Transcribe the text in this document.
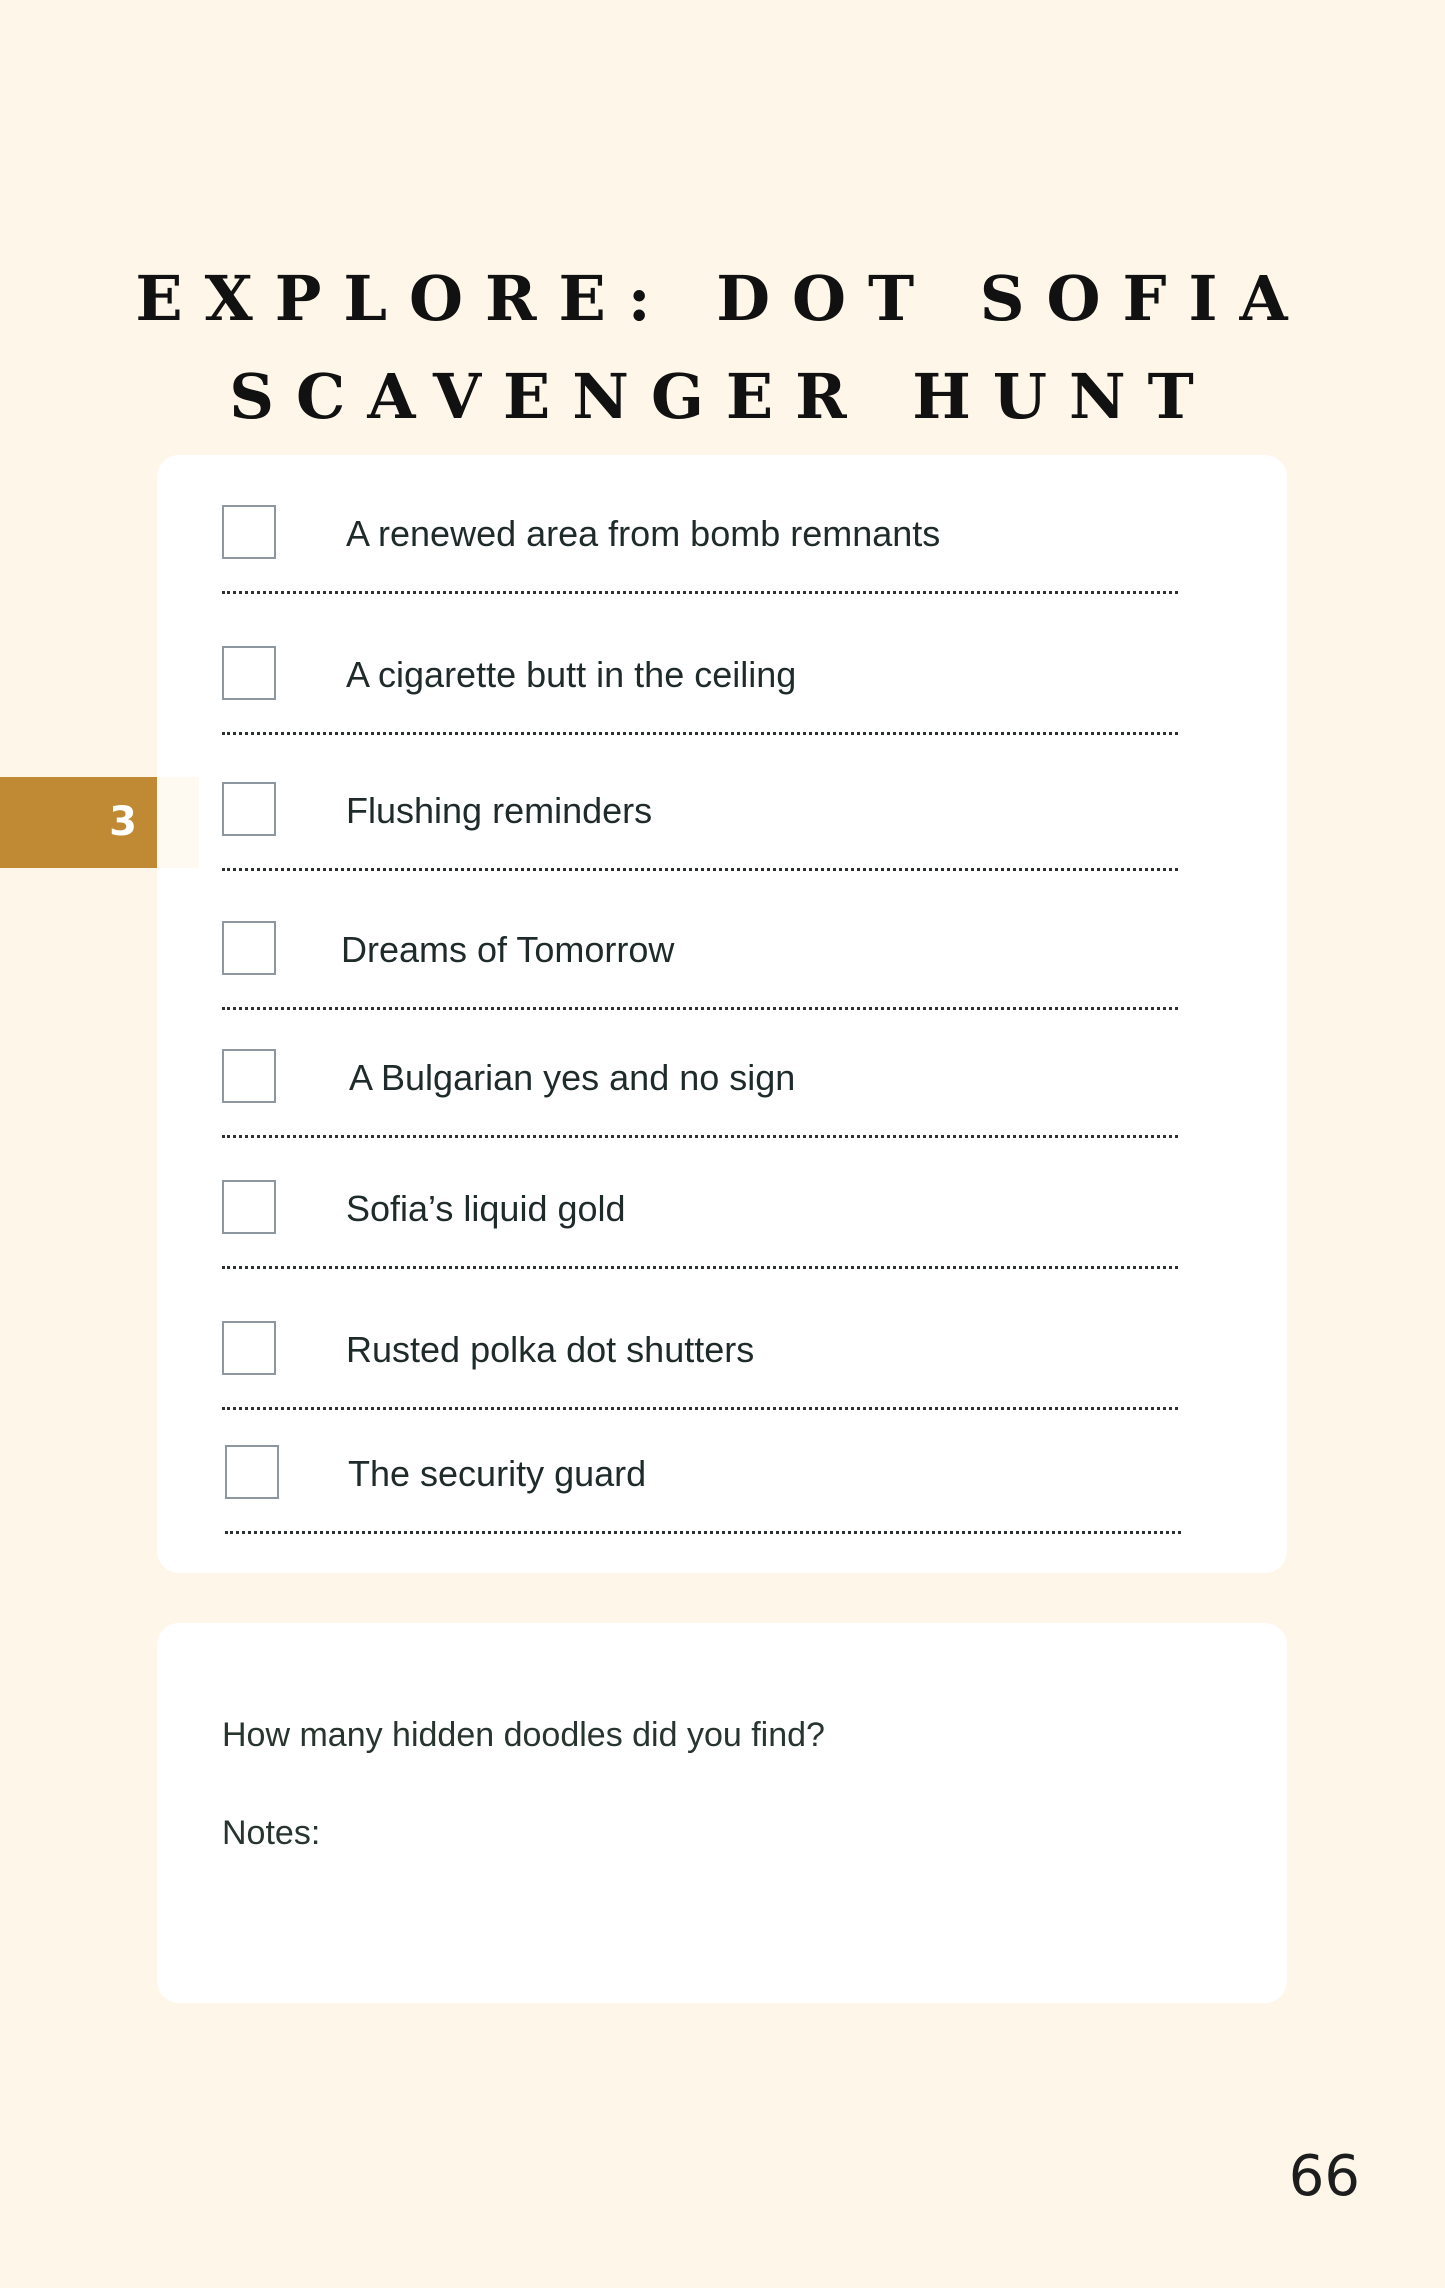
EXPLORE: DOT SOFIA
SCAVENGER HUNT
3
A renewed area from bomb remnants
A cigarette butt in the ceiling
Flushing reminders
Dreams of Tomorrow
A Bulgarian yes and no sign
Sofia’s liquid gold
Rusted polka dot shutters
The security guard
How many hidden doodles did you find?
Notes:
66
